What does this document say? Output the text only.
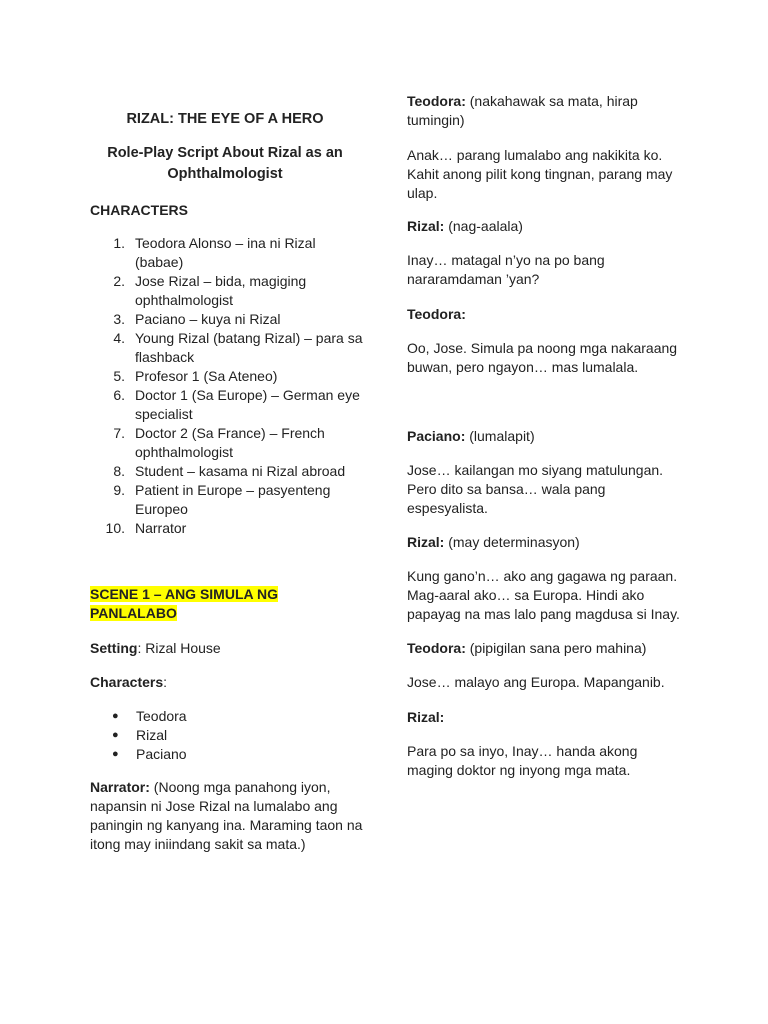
RIZAL: THE EYE OF A HERO
Role-Play Script About Rizal as an
Ophthalmologist

CHARACTERS

1. Teodora Alonso – ina ni Rizal
(babae)
2. Jose Rizal – bida, magiging
ophthalmologist
3. Paciano – kuya ni Rizal
4. Young Rizal (batang Rizal) – para sa
flashback
5. Profesor 1 (Sa Ateneo)
6. Doctor 1 (Sa Europe) – German eye
specialist
7. Doctor 2 (Sa France) – French
ophthalmologist
8. Student – kasama ni Rizal abroad
9. Patient in Europe – pasyenteng
Europeo
10. Narrator

SCENE 1 – ANG SIMULA NG
PANLALABO

Setting: Rizal House

Characters:

● Teodora
● Rizal
● Paciano

Narrator: (Noong mga panahong iyon,
napansin ni Jose Rizal na lumalabo ang
paningin ng kanyang ina. Maraming taon na
itong may iniindang sakit sa mata.)

Teodora: (nakahawak sa mata, hirap
tumingin)

Anak… parang lumalabo ang nakikita ko.
Kahit anong pilit kong tingnan, parang may
ulap.

Rizal: (nag-aalala)

Inay… matagal n’yo na po bang
nararamdaman ’yan?

Teodora:

Oo, Jose. Simula pa noong mga nakaraang
buwan, pero ngayon… mas lumalala.

Paciano: (lumalapit)

Jose… kailangan mo siyang matulungan.
Pero dito sa bansa… wala pang
espesyalista.

Rizal: (may determinasyon)

Kung gano’n… ako ang gagawa ng paraan.
Mag-aaral ako… sa Europa. Hindi ako
papayag na mas lalo pang magdusa si Inay.

Teodora: (pipigilan sana pero mahina)

Jose… malayo ang Europa. Mapanganib.

Rizal:

Para po sa inyo, Inay… handa akong
maging doktor ng inyong mga mata.
